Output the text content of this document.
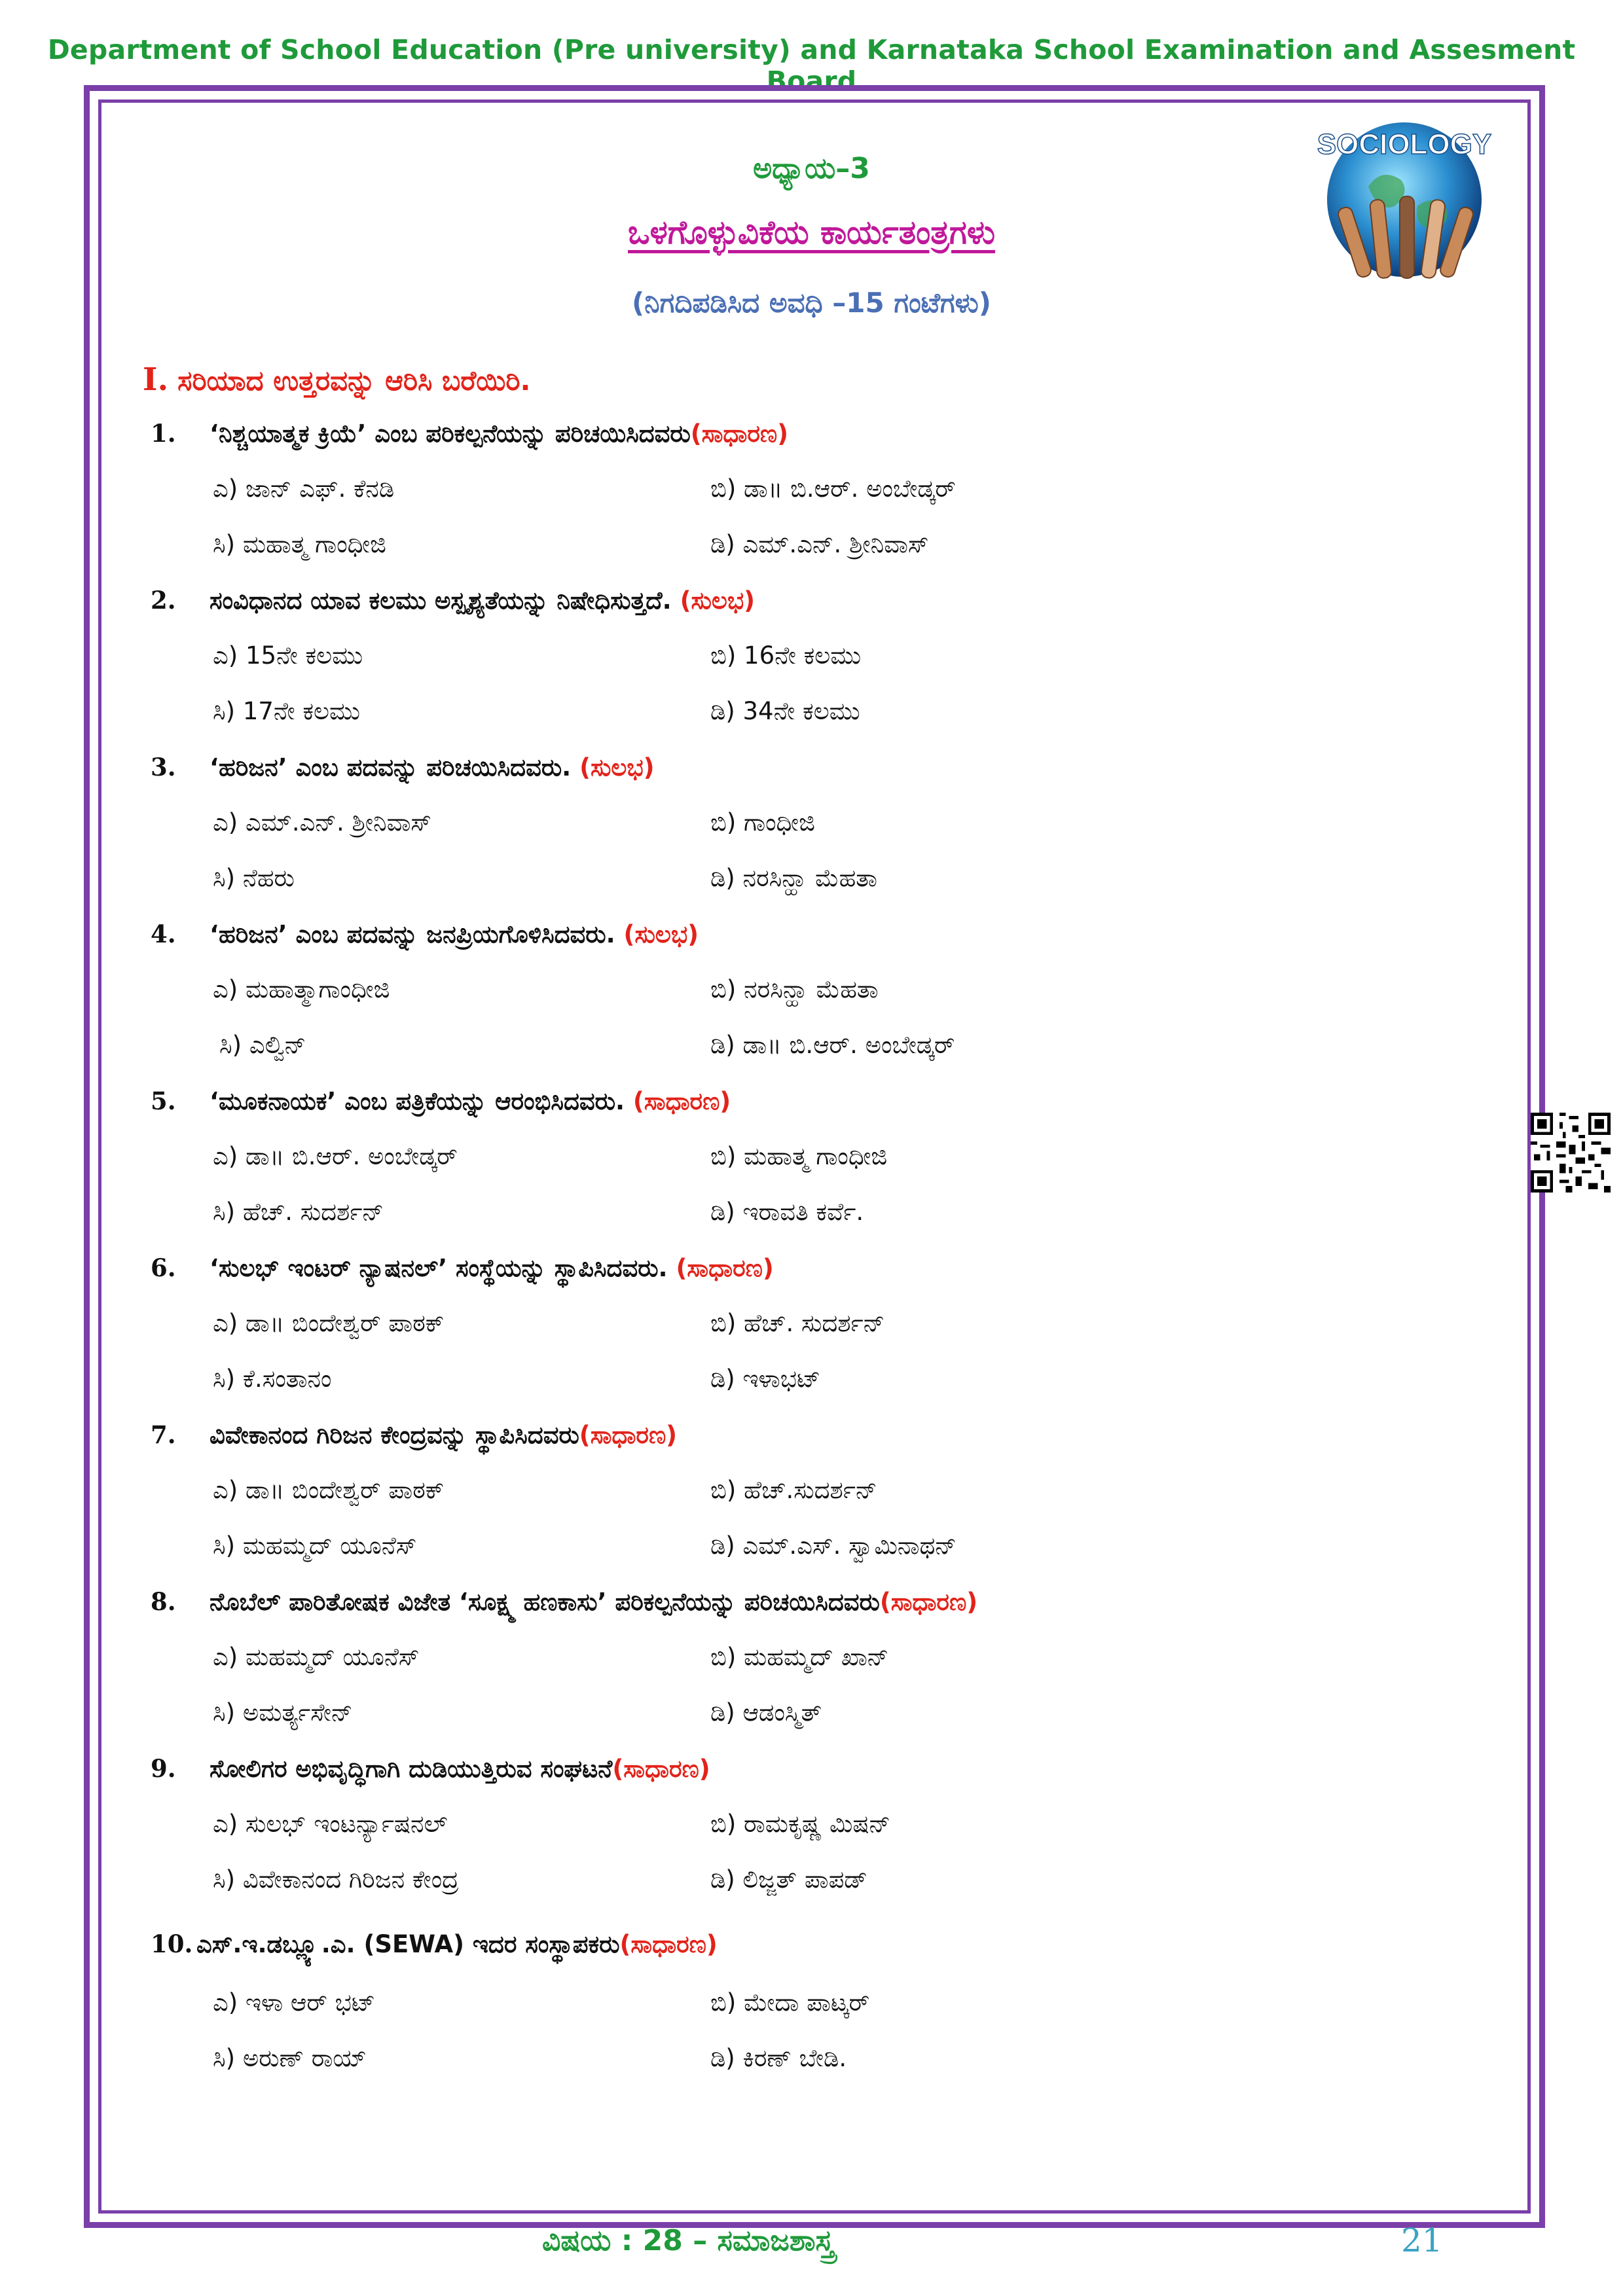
Department of School Education (Pre university) and Karnataka School Examination and Assesment Board
SOCIOLOGY
ಅಧ್ಯಾಯ–3
ಒಳಗೊಳ್ಳುವಿಕೆಯ ಕಾರ್ಯತಂತ್ರಗಳು
(ನಿಗದಿಪಡಿಸಿದ ಅವಧಿ –15 ಗಂಟೆಗಳು)
I. ಸರಿಯಾದ ಉತ್ತರವನ್ನು ಆರಿಸಿ ಬರೆಯಿರಿ.
1. ‘ನಿಶ್ಚಯಾತ್ಮಕ ಕ್ರಿಯೆ’ ಎಂಬ ಪರಿಕಲ್ಪನೆಯನ್ನು ಪರಿಚಯಿಸಿದವರು(ಸಾಧಾರಣ)
ಎ) ಜಾನ್ ಎಫ್. ಕೆನಡಿ	ಬಿ) ಡಾ॥ ಬಿ.ಆರ್. ಅಂಬೇಡ್ಕರ್
ಸಿ) ಮಹಾತ್ಮ ಗಾಂಧೀಜಿ	ಡಿ) ಎಮ್.ಎನ್. ಶ್ರೀನಿವಾಸ್
2. ಸಂವಿಧಾನದ ಯಾವ ಕಲಮು ಅಸ್ಪೃಶ್ಯತೆಯನ್ನು ನಿಷೇಧಿಸುತ್ತದೆ. (ಸುಲಭ)
ಎ) 15ನೇ ಕಲಮು	ಬಿ) 16ನೇ ಕಲಮು
ಸಿ) 17ನೇ ಕಲಮು	ಡಿ) 34ನೇ ಕಲಮು
3. ‘ಹರಿಜನ’ ಎಂಬ ಪದವನ್ನು ಪರಿಚಯಿಸಿದವರು. (ಸುಲಭ)
ಎ) ಎಮ್.ಎನ್. ಶ್ರೀನಿವಾಸ್	ಬಿ) ಗಾಂಧೀಜಿ
ಸಿ) ನೆಹರು	ಡಿ) ನರಸಿನ್ಹಾ ಮೆಹತಾ
4. ‘ಹರಿಜನ’ ಎಂಬ ಪದವನ್ನು ಜನಪ್ರಿಯಗೊಳಿಸಿದವರು. (ಸುಲಭ)
ಎ) ಮಹಾತ್ಮಾಗಾಂಧೀಜಿ	ಬಿ) ನರಸಿನ್ಹಾ ಮೆಹತಾ
ಸಿ) ಎಲ್ವಿನ್	ಡಿ) ಡಾ॥ ಬಿ.ಆರ್. ಅಂಬೇಡ್ಕರ್
5. ‘ಮೂಕನಾಯಕ’ ಎಂಬ ಪತ್ರಿಕೆಯನ್ನು ಆರಂಭಿಸಿದವರು. (ಸಾಧಾರಣ)
ಎ) ಡಾ॥ ಬಿ.ಆರ್. ಅಂಬೇಡ್ಕರ್	ಬಿ) ಮಹಾತ್ಮ ಗಾಂಧೀಜಿ
ಸಿ) ಹೆಚ್. ಸುದರ್ಶನ್	ಡಿ) ಇರಾವತಿ ಕರ್ವೆ.
6. ‘ಸುಲಭ್ ಇಂಟರ್ ನ್ಯಾಷನಲ್’ ಸಂಸ್ಥೆಯನ್ನು ಸ್ಥಾಪಿಸಿದವರು. (ಸಾಧಾರಣ)
ಎ) ಡಾ॥ ಬಿಂದೇಶ್ವರ್ ಪಾಠಕ್	ಬಿ) ಹೆಚ್. ಸುದರ್ಶನ್
ಸಿ) ಕೆ.ಸಂತಾನಂ	ಡಿ) ಇಳಾಭಟ್
7. ವಿವೇಕಾನಂದ ಗಿರಿಜನ ಕೇಂದ್ರವನ್ನು ಸ್ಥಾಪಿಸಿದವರು(ಸಾಧಾರಣ)
ಎ) ಡಾ॥ ಬಿಂದೇಶ್ವರ್ ಪಾಠಕ್	ಬಿ) ಹೆಚ್.ಸುದರ್ಶನ್
ಸಿ) ಮಹಮ್ಮದ್ ಯೂನೆಸ್	ಡಿ) ಎಮ್.ಎಸ್. ಸ್ವಾಮಿನಾಥನ್
8. ನೊಬೆಲ್ ಪಾರಿತೋಷಕ ವಿಜೇತ ‘ಸೂಕ್ಷ್ಮ ಹಣಕಾಸು’ ಪರಿಕಲ್ಪನೆಯನ್ನು ಪರಿಚಯಿಸಿದವರು(ಸಾಧಾರಣ)
ಎ) ಮಹಮ್ಮದ್ ಯೂನೆಸ್	ಬಿ) ಮಹಮ್ಮದ್ ಖಾನ್
ಸಿ) ಅಮರ್ತ್ಯಸೇನ್	ಡಿ) ಆಡಂಸ್ಮಿತ್
9. ಸೋಲಿಗರ ಅಭಿವೃದ್ಧಿಗಾಗಿ ದುಡಿಯುತ್ತಿರುವ ಸಂಘಟನೆ(ಸಾಧಾರಣ)
ಎ) ಸುಲಭ್ ಇಂಟರ್ನ್ಯಾಷನಲ್	ಬಿ) ರಾಮಕೃಷ್ಣ ಮಿಷನ್
ಸಿ) ವಿವೇಕಾನಂದ ಗಿರಿಜನ ಕೇಂದ್ರ	ಡಿ) ಲಿಜ್ಜತ್ ಪಾಪಡ್
10. ಎಸ್.ಇ.ಡಬ್ಲ್ಯೂ.ಎ. (SEWA) ಇದರ ಸಂಸ್ಥಾಪಕರು(ಸಾಧಾರಣ)
ಎ) ಇಳಾ ಆರ್ ಭಟ್	ಬಿ) ಮೇದಾ ಪಾಟ್ಕರ್
ಸಿ) ಅರುಣ್ ರಾಯ್	ಡಿ) ಕಿರಣ್ ಬೇಡಿ.
ವಿಷಯ : 28 – ಸಮಾಜಶಾಸ್ತ್ರ	21
